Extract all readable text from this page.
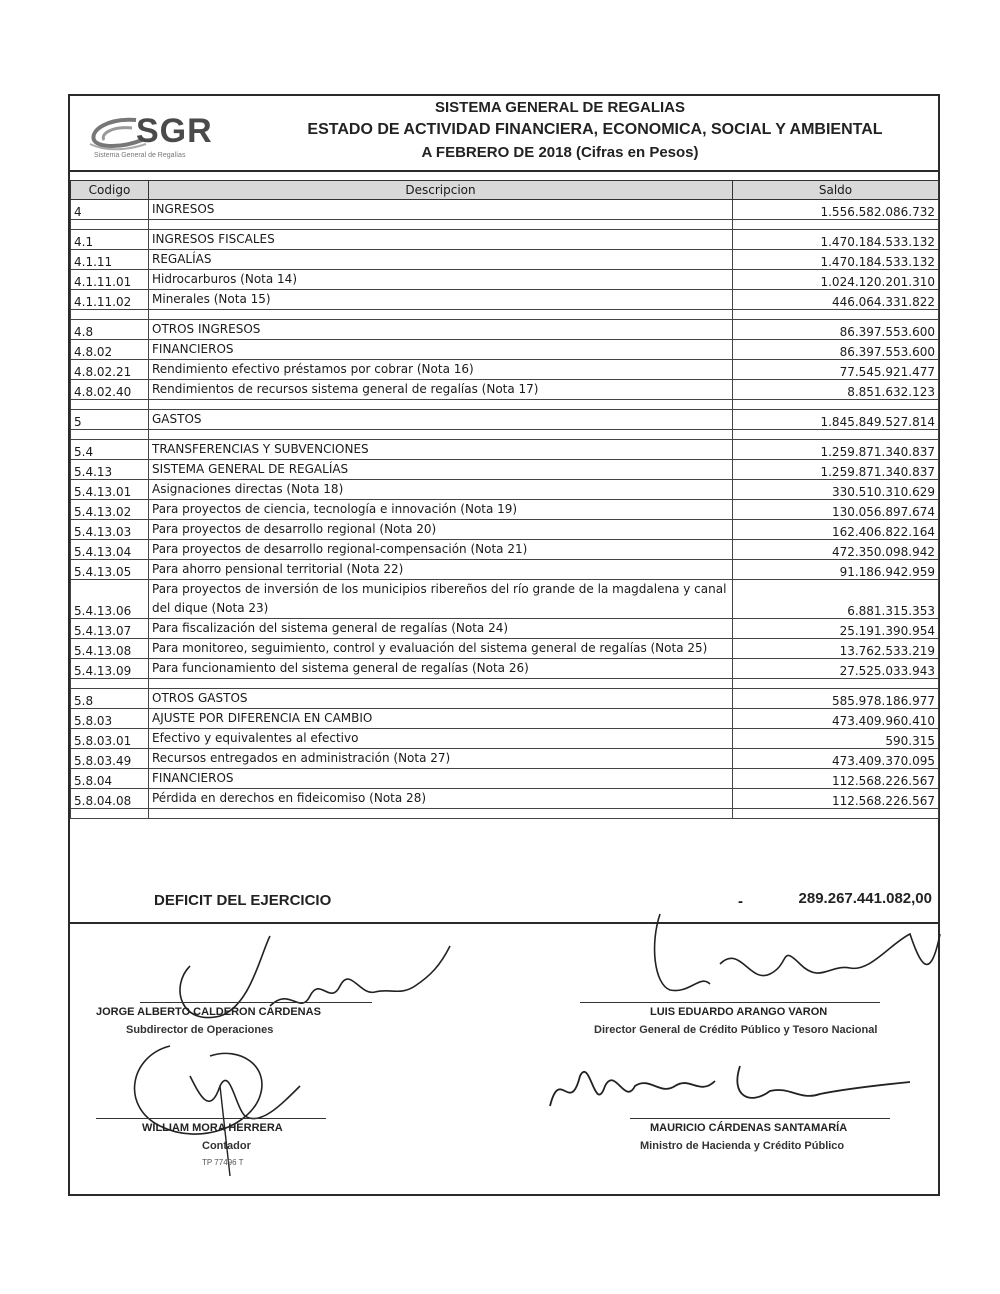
SGR
Sistema General de Regalías
SISTEMA GENERAL DE REGALIAS
ESTADO DE ACTIVIDAD FINANCIERA, ECONOMICA, SOCIAL Y AMBIENTAL
A FEBRERO DE 2018 (Cifras en Pesos)
Codigo	Descripcion	Saldo
4	INGRESOS	1.556.582.086.732

4.1	INGRESOS FISCALES	1.470.184.533.132
4.1.11	REGALÍAS	1.470.184.533.132
4.1.11.01	Hidrocarburos (Nota 14)	1.024.120.201.310
4.1.11.02	Minerales (Nota 15)	446.064.331.822

4.8	OTROS INGRESOS	86.397.553.600
4.8.02	FINANCIEROS	86.397.553.600
4.8.02.21	Rendimiento efectivo préstamos por cobrar (Nota 16)	77.545.921.477
4.8.02.40	Rendimientos de recursos sistema general de regalías (Nota 17)	8.851.632.123

5	GASTOS	1.845.849.527.814

5.4	TRANSFERENCIAS Y SUBVENCIONES	1.259.871.340.837
5.4.13	SISTEMA GENERAL DE REGALÍAS	1.259.871.340.837
5.4.13.01	Asignaciones directas (Nota 18)	330.510.310.629
5.4.13.02	Para proyectos de ciencia, tecnología e innovación (Nota 19)	130.056.897.674
5.4.13.03	Para proyectos de desarrollo regional (Nota 20)	162.406.822.164
5.4.13.04	Para proyectos de desarrollo regional-compensación (Nota 21)	472.350.098.942
5.4.13.05	Para ahorro pensional territorial (Nota 22)	91.186.942.959
5.4.13.06	Para proyectos de inversión de los municipios ribereños del río grande de la magdalena y canal del dique (Nota 23)	6.881.315.353
5.4.13.07	Para fiscalización del sistema general de regalías (Nota 24)	25.191.390.954
5.4.13.08	Para monitoreo, seguimiento, control y evaluación del sistema general de regalías (Nota 25)	13.762.533.219
5.4.13.09	Para funcionamiento del sistema general de regalías (Nota 26)	27.525.033.943

5.8	OTROS GASTOS	585.978.186.977
5.8.03	AJUSTE POR DIFERENCIA EN CAMBIO	473.409.960.410
5.8.03.01	Efectivo y equivalentes al efectivo	590.315
5.8.03.49	Recursos entregados en administración (Nota 27)	473.409.370.095
5.8.04	FINANCIEROS	112.568.226.567
5.8.04.08	Pérdida en derechos en fideicomiso (Nota 28)	112.568.226.567

DEFICIT DEL EJERCICIO	-	289.267.441.082,00
JORGE ALBERTO CALDERON CARDENAS
Subdirector de Operaciones
LUIS EDUARDO ARANGO VARON
Director General de Crédito Público y Tesoro Nacional
WILLIAM MORA HERRERA
Contador
TP 77496 T
MAURICIO CÁRDENAS SANTAMARÍA
Ministro de Hacienda y Crédito Público
